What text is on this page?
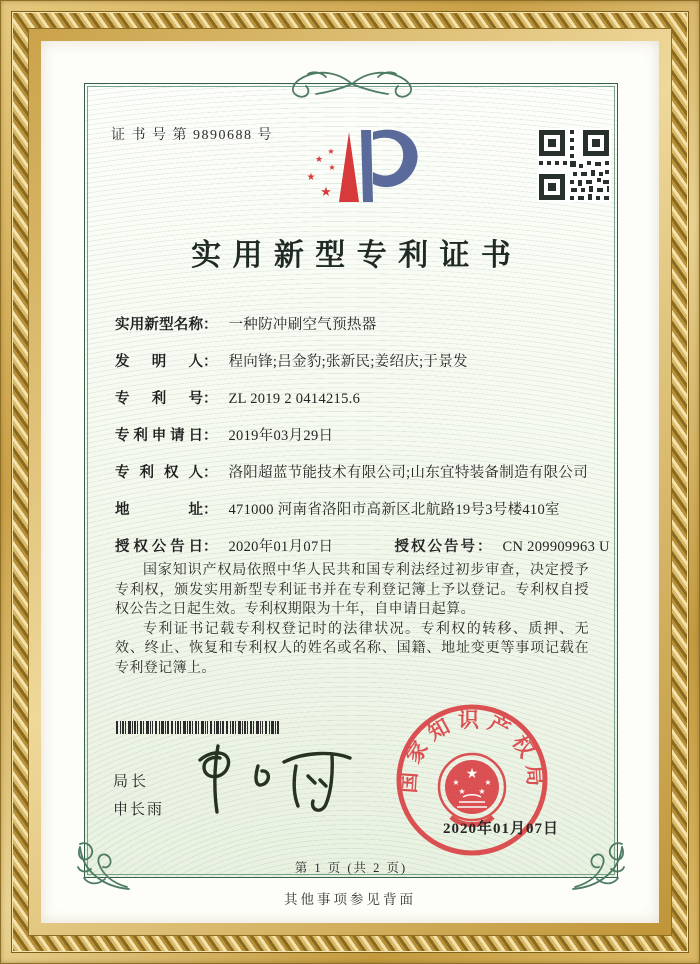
证 书 号 第 9890688 号
★
★
★
★
★
实用新型专利证书
实用新型名称： 一种防冲刷空气预热器
发明人： 程向锋;吕金豹;张新民;姜绍庆;于景发
专利号： ZL 2019 2 0414215.6
专利申请日： 2019年03月29日
专利权人： 洛阳超蓝节能技术有限公司;山东宜特装备制造有限公司
地址： 471000 河南省洛阳市高新区北航路19号3号楼410室
授权公告日： 2020年01月07日	授权公告号： CN 209909963 U

国家知识产权局依照中华人民共和国专利法经过初步审查，决定授予专利权，颁发实用新型专利证书并在专利登记簿上予以登记。专利权自授权公告之日起生效。专利权期限为十年，自申请日起算。

专利证书记载专利权登记时的法律状况。专利权的转移、质押、无效、终止、恢复和专利权人的姓名或名称、国籍、地址变更等事项记载在专利登记簿上。

局长
申长雨
国家知识产权局
★
★	★
★ ★
2020年01月07日
第 1 页 (共 2 页)
其他事项参见背面
